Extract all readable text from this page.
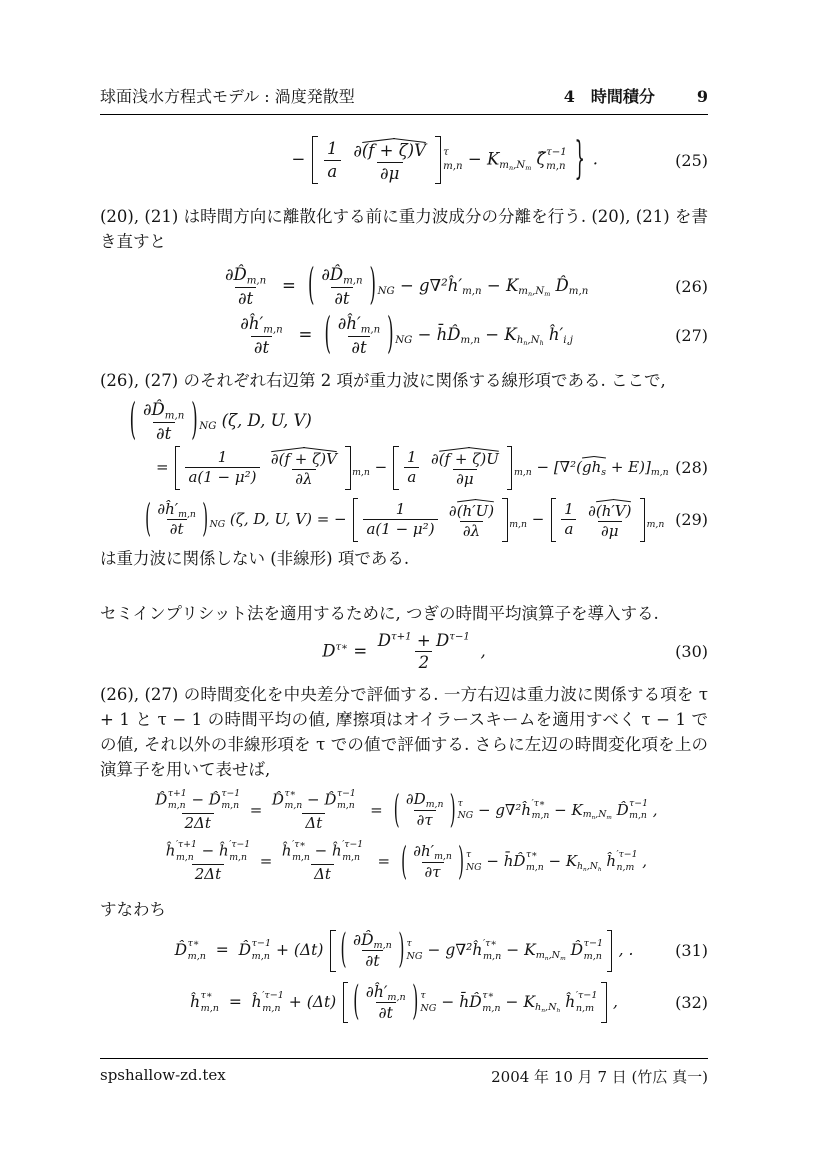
球面浅水方程式モデル : 渦度発散型	4 時間積分	9
− $\frac{1}{a}$
$\frac{\partial(f + \zeta)V}{\partial\mu}$ τ
m,n − Kmn,Nm ζ̂ τ−1
m,n } .	(25)

(20), (21) は時間方向に離散化する前に重力波成分の分離を行う. (20), (21) を書き直すと

$\frac{\partial D̂m,n}{\partial t}$ = ( $\frac{\partial D̂m,n}{\partial t}$ ) NG − g∇²ĥ′m,n − Kmn,Nm D̂m,n	(26)
$\frac{\partial ĥ'm,n}{\partial t}$ = ( $\frac{\partial ĥ'm,n}{\partial t}$ ) NG − h̄D̂m,n − Khn,Nh ĥ′i,j	(27)

(26), (27) のそれぞれ右辺第 2 項が重力波に関係する線形項である. ここで,

( $\frac{\partial D̂m,n}{\partial t}$ ) NG (ζ, D, U, V)
= $\frac{1}{\text{a(1 − μ²)}}$
$\frac{\partial(f + \zeta)V}{\partial\lambda} m,n - \frac{1}{a}$
$\frac{\partial(f + \zeta)U}{\partial\mu} m,n - [\nabla^2(ghs + E)]m,n$ (28)
( $\frac{\partial ĥ'm,n}{\partial t}$ ) NG (ζ, D, U, V) = − $\frac{1}{\text{a(1 − μ²)}}$
$\frac{\partial(h'U)}{\partial\lambda} m,n - \frac{1}{a}$
$\frac{\partial(h'V)}{\partial\mu} m,n$ (29)

は重力波に関係しない (非線形) 項である.

セミインプリシット法を適用するために, つぎの時間平均演算子を導入する.

$D^{\tau∗} = \frac{D^{\tau+1} + D^{\tau-1}}{2}$ ,	(30)

(26), (27) の時間変化を中央差分で評価する. 一方右辺は重力波に関係する項を τ + 1 と τ − 1 の時間平均の値, 摩擦項はオイラースキームを適用すべく τ − 1 での値, それ以外の非線形項を τ での値で評価する. さらに左辺の時間変化項を上の演算子を用いて表せば,

D̂ τ+1
m,n − D̂ τ−1
m,n
2Δt = D̂ τ∗
m,n − D̂ τ−1
m,n
Δt = ( $\frac{\partial Dm,n}{\partial\tau}$ ) τ
NG − g∇²ĥ ′τ∗
m,n − Kmn,Nm D̂ τ−1
m,n ,
ĥ ′τ+1
m,n − ĥ ′τ−1
m,n
2Δt = ĥ ′τ∗
m,n − ĥ ′τ−1
m,n
Δt = ( $\frac{\partial h'm,n}{\partial\tau}$ ) τ
NG − h̄D̂ τ∗
m,n − Khn,Nh ĥ ′τ−1
n,m ,

すなわち

D̂ τ∗
m,n =  D̂ τ−1
m,n + (Δt) ( $\frac{\partial D̂m,n}{\partial t}$ ) τ
NG − g∇²ĥ ′τ∗
m,n − Kmn,Nm D̂ τ−1
m,n , .	(31)
ĥ τ∗
m,n =  ĥ ′τ−1
m,n + (Δt) ( $\frac{\partial ĥ'm,n}{\partial t}$ ) τ
NG − h̄D̂ τ∗
m,n − Khn,Nh ĥ ′τ−1
n,m ,	(32)
spshallow-zd.tex	2004 年 10 月 7 日 (竹広 真一)
